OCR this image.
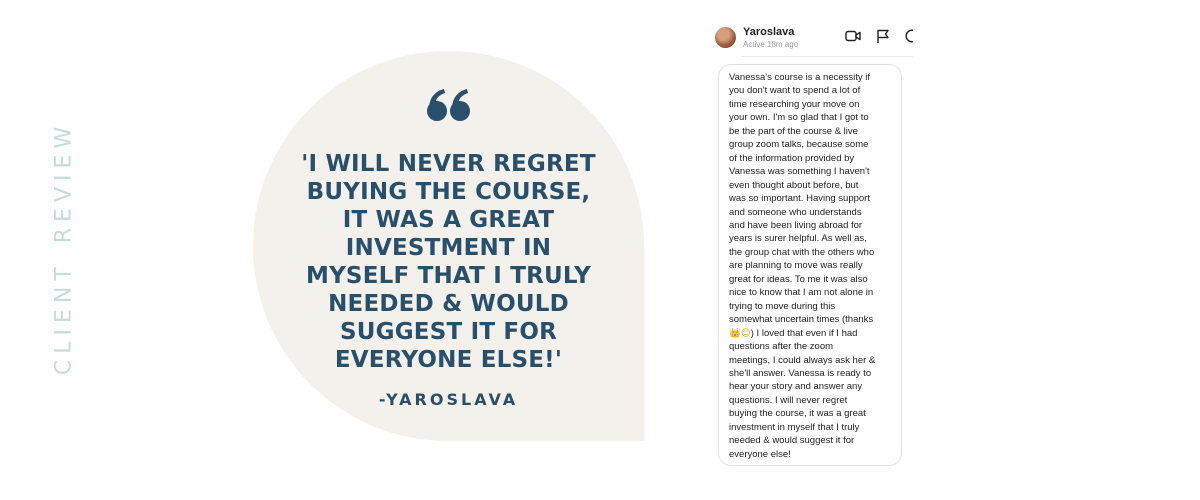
CLIENTREVIEW	'I WILL NEVER REGRET
BUYING THE COURSE,
IT WAS A GREAT
INVESTMENT IN
MYSELF THAT I TRULY
NEEDED & WOULD
SUGGEST IT FOR
EVERYONE ELSE!'
-YAROSLAVA
Yaroslava
Active 18m ago
Vanessa's course is a necessity if
you don't want to spend a lot of
time researching your move on
your own. I'm so glad that I got to
be the part of the course & live
group zoom talks, because some
of the information provided by
Vanessa was something I haven't
even thought about before, but
was so important. Having support
and someone who understands
and have been living abroad for
years is surer helpful. As well as,
the group chat with the others who
are planning to move was really
great for ideas. To me it was also
nice to know that I am not alone in
trying to move during this
somewhat uncertain times (thanks
👑😊) I loved that even if I had
questions after the zoom
meetings, I could always ask her &
she'll answer. Vanessa is ready to
hear your story and answer any
questions. I will never regret
buying the course, it was a great
investment in myself that I truly
needed & would suggest it for
everyone else!
